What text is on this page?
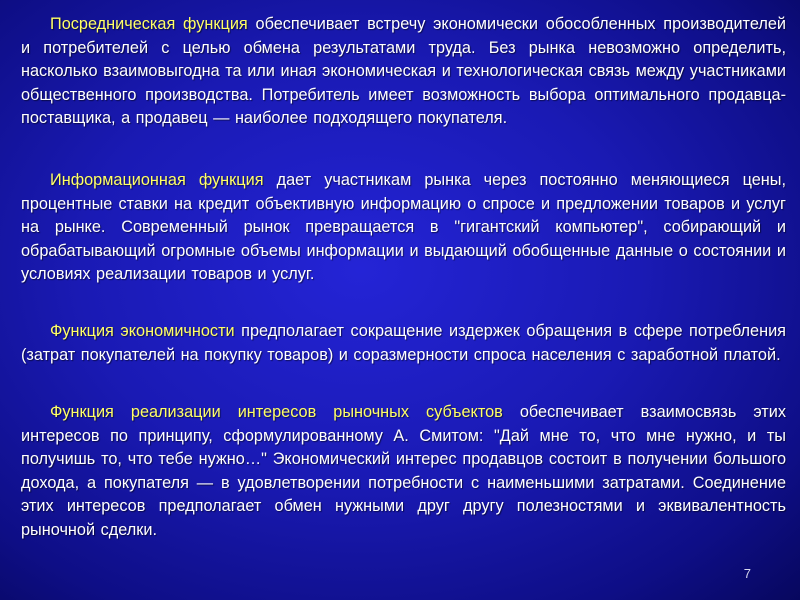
Посредническая функция обеспечивает встречу экономически обособленных производителей и потребителей с целью обмена результатами труда. Без рынка невозможно определить, насколько взаимовыгодна та или иная экономическая и технологическая связь между участниками общественного производства. Потребитель имеет возможность выбора оптимального продавца-поставщика, а продавец — наиболее подходящего покупателя.

Информационная функция дает участникам рынка через постоянно меняющиеся цены, процентные ставки на кредит объективную информацию о спросе и предложении товаров и услуг на рынке. Современный рынок превращается в "гигантский компьютер", собирающий и обрабатывающий огромные объемы информации и выдающий обобщенные данные о состоянии и условиях реализации товаров и услуг.

Функция экономичности предполагает сокращение издержек обращения в сфере потребления (затрат покупателей на покупку товаров) и соразмерности спроса населения с заработной платой.

Функция реализации интересов рыночных субъектов обеспечивает взаимосвязь этих интересов по принципу, сформулированному А. Смитом: "Дай мне то, что мне нужно, и ты получишь то, что тебе нужно…" Экономический интерес продавцов состоит в получении большого дохода, а покупателя — в удовлетворении потребности с наименьшими затратами. Соединение этих интересов предполагает обмен нужными друг другу полезностями и эквивалентность рыночной сделки.

7
